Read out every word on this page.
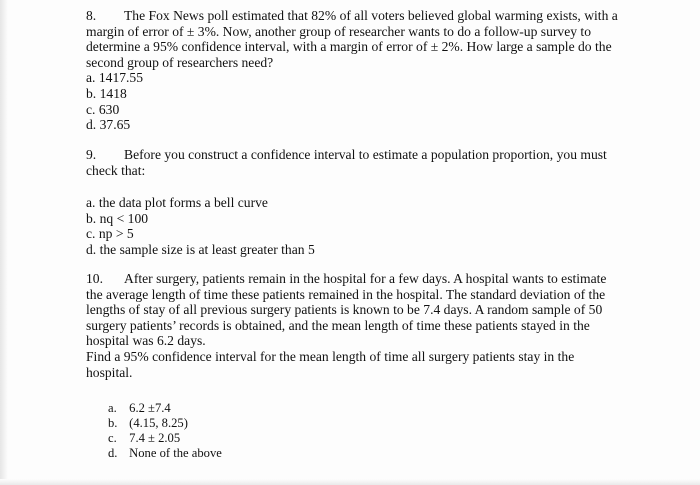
8. The Fox News poll estimated that 82% of all voters believed global warming exists, with a margin of error of ± 3%. Now, another group of researcher wants to do a follow-up survey to determine a 95% confidence interval, with a margin of error of ± 2%. How large a sample do the second group of researchers need?

a. 1417.55
b. 1418
c. 630
d. 37.65

9. Before you construct a confidence interval to estimate a population proportion, you must check that:

a. the data plot forms a bell curve
b. nq < 100
c. np > 5
d. the sample size is at least greater than 5

10. After surgery, patients remain in the hospital for a few days. A hospital wants to estimate the average length of time these patients remained in the hospital. The standard deviation of the lengths of stay of all previous surgery patients is known to be 7.4 days. A random sample of 50 surgery patients’ records is obtained, and the mean length of time these patients stayed in the hospital was 6.2 days.

Find a 95% confidence interval for the mean length of time all surgery patients stay in the hospital.

a. 6.2 ±7.4
b. (4.15, 8.25)
c. 7.4 ± 2.05
d. None of the above
